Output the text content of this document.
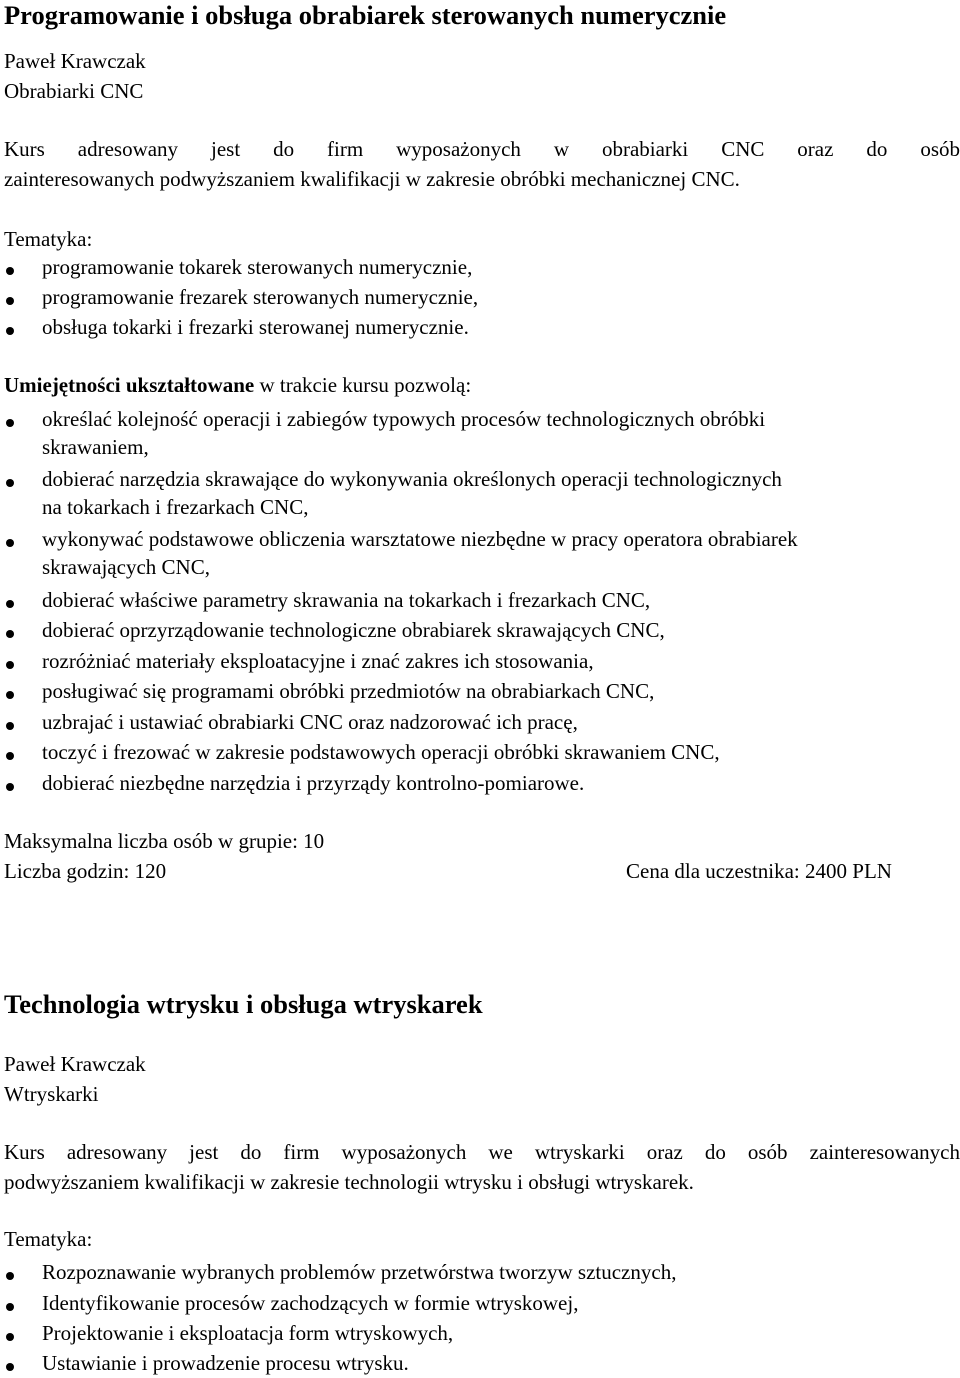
Programowanie i obsługa obrabiarek sterowanych numerycznie
Paweł Krawczak
Obrabiarki CNC
Kurs adresowany jest do firm wyposażonych w obrabiarki CNC oraz do osób
zainteresowanych podwyższaniem kwalifikacji w zakresie obróbki mechanicznej CNC.
Tematyka:
programowanie tokarek sterowanych numerycznie,
programowanie frezarek sterowanych numerycznie,
obsługa tokarki i frezarki sterowanej numerycznie.
Umiejętności ukształtowane w trakcie kursu pozwolą:
określać kolejność operacji i zabiegów typowych procesów technologicznych obróbki
skrawaniem,
dobierać narzędzia skrawające do wykonywania określonych operacji technologicznych
na tokarkach i frezarkach CNC,
wykonywać podstawowe obliczenia warsztatowe niezbędne w pracy operatora obrabiarek
skrawających CNC,
dobierać właściwe parametry skrawania na tokarkach i frezarkach CNC,
dobierać oprzyrządowanie technologiczne obrabiarek skrawających CNC,
rozróżniać materiały eksploatacyjne i znać zakres ich stosowania,
posługiwać się programami obróbki przedmiotów na obrabiarkach CNC,
uzbrajać i ustawiać obrabiarki CNC oraz nadzorować ich pracę,
toczyć i frezować w zakresie podstawowych operacji obróbki skrawaniem CNC,
dobierać niezbędne narzędzia i przyrządy kontrolno-pomiarowe.
Maksymalna liczba osób w grupie: 10
Liczba godzin: 120	Cena dla uczestnika: 2400 PLN
Technologia wtrysku i obsługa wtryskarek
Paweł Krawczak
Wtryskarki
Kurs adresowany jest do firm wyposażonych we wtryskarki oraz do osób zainteresowanych
podwyższaniem kwalifikacji w zakresie technologii wtrysku i obsługi wtryskarek.
Tematyka:
Rozpoznawanie wybranych problemów przetwórstwa tworzyw sztucznych,
Identyfikowanie procesów zachodzących w formie wtryskowej,
Projektowanie i eksploatacja form wtryskowych,
Ustawianie i prowadzenie procesu wtrysku.
